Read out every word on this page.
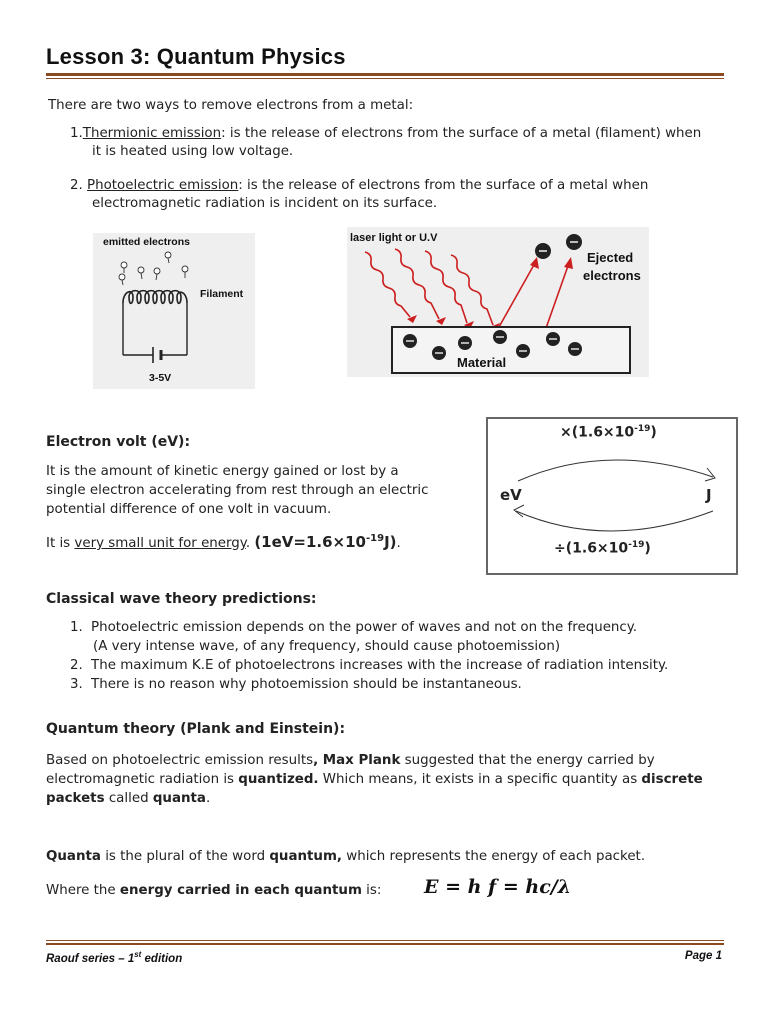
Lesson 3: Quantum Physics
There are two ways to remove electrons from a metal:
1.Thermionic emission: is the release of electrons from the surface of a metal (filament) when
it is heated using low voltage.
2. Photoelectric emission: is the release of electrons from the surface of a metal when
electromagnetic radiation is incident on its surface.
emitted electrons
Filament
3-5V
laser light or U.V
Ejected
electrons
Material
Electron volt (eV):
It is the amount of kinetic energy gained or lost by a
single electron accelerating from rest through an electric
potential difference of one volt in vacuum.
It is very small unit for energy. $(1eV=1.6\times 10^{-19}J)$.
$\times(1.6\times 10^{-19})$
eV	J
$\div(1.6\times 10^{-19})$
Classical wave theory predictions:
1. Photoelectric emission depends on the power of waves and not on the frequency.
(A very intense wave, of any frequency, should cause photoemission)
2. The maximum K.E of photoelectrons increases with the increase of radiation intensity.
3. There is no reason why photoemission should be instantaneous.
Quantum theory (Plank and Einstein):
Based on photoelectric emission results, Max Plank suggested that the energy carried by
electromagnetic radiation is quantized. Which means, it exists in a specific quantity as discrete
packets called quanta.
Quanta is the plural of the word quantum, which represents the energy of each packet.
Where the energy carried in each quantum is: E = h f = hc/λ
Raouf series – 1st edition	Page 1
